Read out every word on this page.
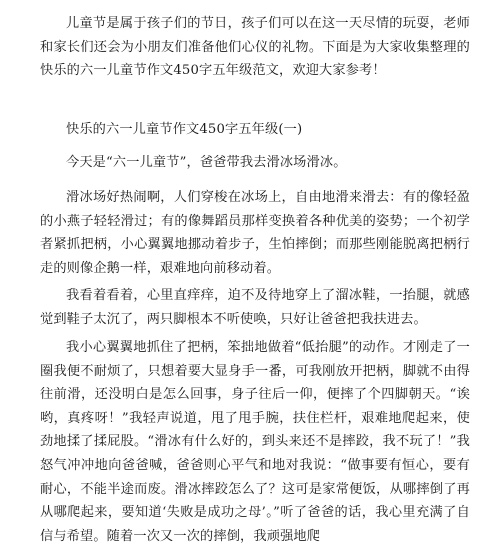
儿童节是属于孩子们的节日，孩子们可以在这一天尽情的玩耍，老师和家长们还会为小朋友们准备他们心仪的礼物。下面是为大家收集整理的快乐的六一儿童节作文450字五年级范文，欢迎大家参考！

快乐的六一儿童节作文450字五年级(一)

今天是“六一儿童节”，爸爸带我去滑冰场滑冰。

滑冰场好热闹啊，人们穿梭在冰场上，自由地滑来滑去：有的像轻盈的小燕子轻轻滑过；有的像舞蹈员那样变换着各种优美的姿势；一个初学者紧抓把柄，小心翼翼地挪动着步子，生怕摔倒；而那些刚能脱离把柄行走的则像企鹅一样，艰难地向前移动着。

我看着看着，心里直痒痒，迫不及待地穿上了溜冰鞋，一抬腿，就感觉到鞋子太沉了，两只脚根本不听使唤，只好让爸爸把我扶进去。

我小心翼翼地抓住了把柄，笨拙地做着“低抬腿”的动作。才刚走了一圈我便不耐烦了，只想着要大显身手一番，可我刚放开把柄，脚就不由得往前滑，还没明白是怎么回事，身子往后一仰，便摔了个四脚朝天。“诶哟，真疼呀！”我轻声说道，甩了甩手腕，扶住栏杆，艰难地爬起来，使劲地揉了揉屁股。“滑冰有什么好的，到头来还不是摔跤，我不玩了！”我怒气冲冲地向爸爸喊，爸爸则心平气和地对我说：“做事要有恒心，要有耐心，不能半途而废。滑冰摔跤怎么了？这可是家常便饭，从哪摔倒了再从哪爬起来，要知道‘失败是成功之母’。”听了爸爸的话，我心里充满了自信与希望。随着一次又一次的摔倒，我顽强地爬
